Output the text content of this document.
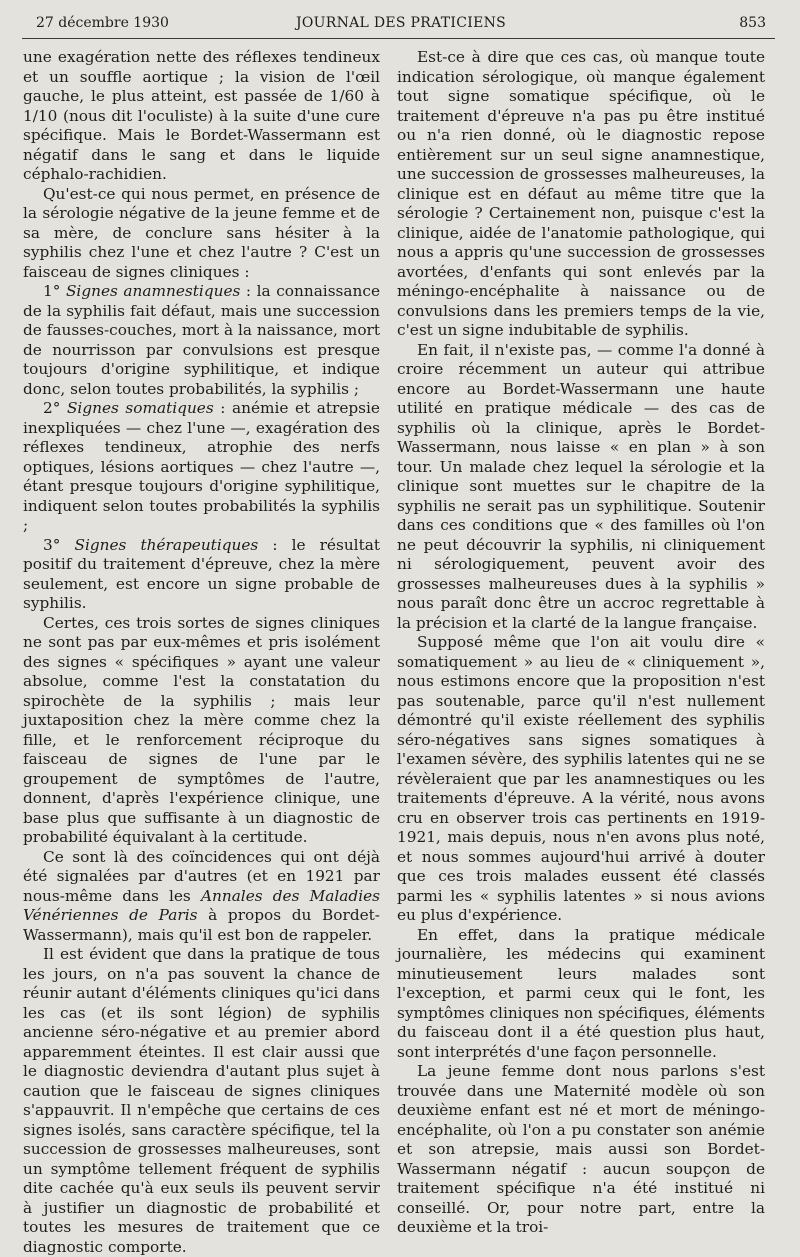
27 décembre 1930	JOURNAL DES PRATICIENS	853

une exagération nette des réflexes tendineux et un souffle aortique ; la vision de l'œil gauche, le plus atteint, est passée de 1/60 à 1/10 (nous dit l'oculiste) à la suite d'une cure spécifique. Mais le Bordet-Wassermann est négatif dans le sang et dans le liquide céphalo-rachidien.

Qu'est-ce qui nous permet, en présence de la sérologie négative de la jeune femme et de sa mère, de conclure sans hésiter à la syphilis chez l'une et chez l'autre ? C'est un faisceau de signes cliniques :

1° Signes anamnestiques : la connaissance de la syphilis fait défaut, mais une succession de fausses-couches, mort à la naissance, mort de nourrisson par convulsions est presque toujours d'origine syphilitique, et indique donc, selon toutes probabilités, la syphilis ;

2° Signes somatiques : anémie et atrepsie inexpliquées — chez l'une —, exagération des réflexes tendineux, atrophie des nerfs optiques, lésions aortiques — chez l'autre —, étant presque toujours d'origine syphilitique, indiquent selon toutes probabilités la syphilis ;

3° Signes thérapeutiques : le résultat positif du traitement d'épreuve, chez la mère seulement, est encore un signe probable de syphilis.

Certes, ces trois sortes de signes cliniques ne sont pas par eux-mêmes et pris isolément des signes « spécifiques » ayant une valeur absolue, comme l'est la constatation du spirochète de la syphilis ; mais leur juxtaposition chez la mère comme chez la fille, et le renforcement réciproque du faisceau de signes de l'une par le groupement de symptômes de l'autre, donnent, d'après l'expérience clinique, une base plus que suffisante à un diagnostic de probabilité équivalant à la certitude.

Ce sont là des coïncidences qui ont déjà été signalées par d'autres (et en 1921 par nous-même dans les Annales des Maladies Vénériennes de Paris à propos du Bordet-Wassermann), mais qu'il est bon de rappeler.

Il est évident que dans la pratique de tous les jours, on n'a pas souvent la chance de réunir autant d'éléments cliniques qu'ici dans les cas (et ils sont légion) de syphilis ancienne séro-négative et au premier abord apparemment éteintes. Il est clair aussi que le diagnostic deviendra d'autant plus sujet à caution que le faisceau de signes cliniques s'appauvrit. Il n'empêche que certains de ces signes isolés, sans caractère spécifique, tel la succession de grossesses malheureuses, sont un symptôme tellement fréquent de syphilis dite cachée qu'à eux seuls ils peuvent servir à justifier un diagnostic de probabilité et toutes les mesures de traitement que ce diagnostic comporte.

Est-ce à dire que ces cas, où manque toute indication sérologique, où manque également tout signe somatique spécifique, où le traitement d'épreuve n'a pas pu être institué ou n'a rien donné, où le diagnostic repose entièrement sur un seul signe anamnestique, une succession de grossesses malheureuses, la clinique est en défaut au même titre que la sérologie ? Certainement non, puisque c'est la clinique, aidée de l'anatomie pathologique, qui nous a appris qu'une succession de grossesses avortées, d'enfants qui sont enlevés par la méningo-encéphalite à naissance ou de convulsions dans les premiers temps de la vie, c'est un signe indubitable de syphilis.

En fait, il n'existe pas, — comme l'a donné à croire récemment un auteur qui attribue encore au Bordet-Wassermann une haute utilité en pratique médicale — des cas de syphilis où la clinique, après le Bordet-Wassermann, nous laisse « en plan » à son tour. Un malade chez lequel la sérologie et la clinique sont muettes sur le chapitre de la syphilis ne serait pas un syphilitique. Soutenir dans ces conditions que « des familles où l'on ne peut découvrir la syphilis, ni cliniquement ni sérologiquement, peuvent avoir des grossesses malheureuses dues à la syphilis » nous paraît donc être un accroc regrettable à la précision et la clarté de la langue française.

Supposé même que l'on ait voulu dire « somatiquement » au lieu de « cliniquement », nous estimons encore que la proposition n'est pas soutenable, parce qu'il n'est nullement démontré qu'il existe réellement des syphilis séro-négatives sans signes somatiques à l'examen sévère, des syphilis latentes qui ne se révèleraient que par les anamnestiques ou les traitements d'épreuve. A la vérité, nous avons cru en observer trois cas pertinents en 1919-1921, mais depuis, nous n'en avons plus noté, et nous sommes aujourd'hui arrivé à douter que ces trois malades eussent été classés parmi les « syphilis latentes » si nous avions eu plus d'expérience.

En effet, dans la pratique médicale journalière, les médecins qui examinent minutieusement leurs malades sont l'exception, et parmi ceux qui le font, les symptômes cliniques non spécifiques, éléments du faisceau dont il a été question plus haut, sont interprétés d'une façon personnelle.

La jeune femme dont nous parlons s'est trouvée dans une Maternité modèle où son deuxième enfant est né et mort de méningo-encéphalite, où l'on a pu constater son anémie et son atrepsie, mais aussi son Bordet-Wassermann négatif : aucun soupçon de traitement spécifique n'a été institué ni conseillé. Or, pour notre part, entre la deuxième et la troi-
